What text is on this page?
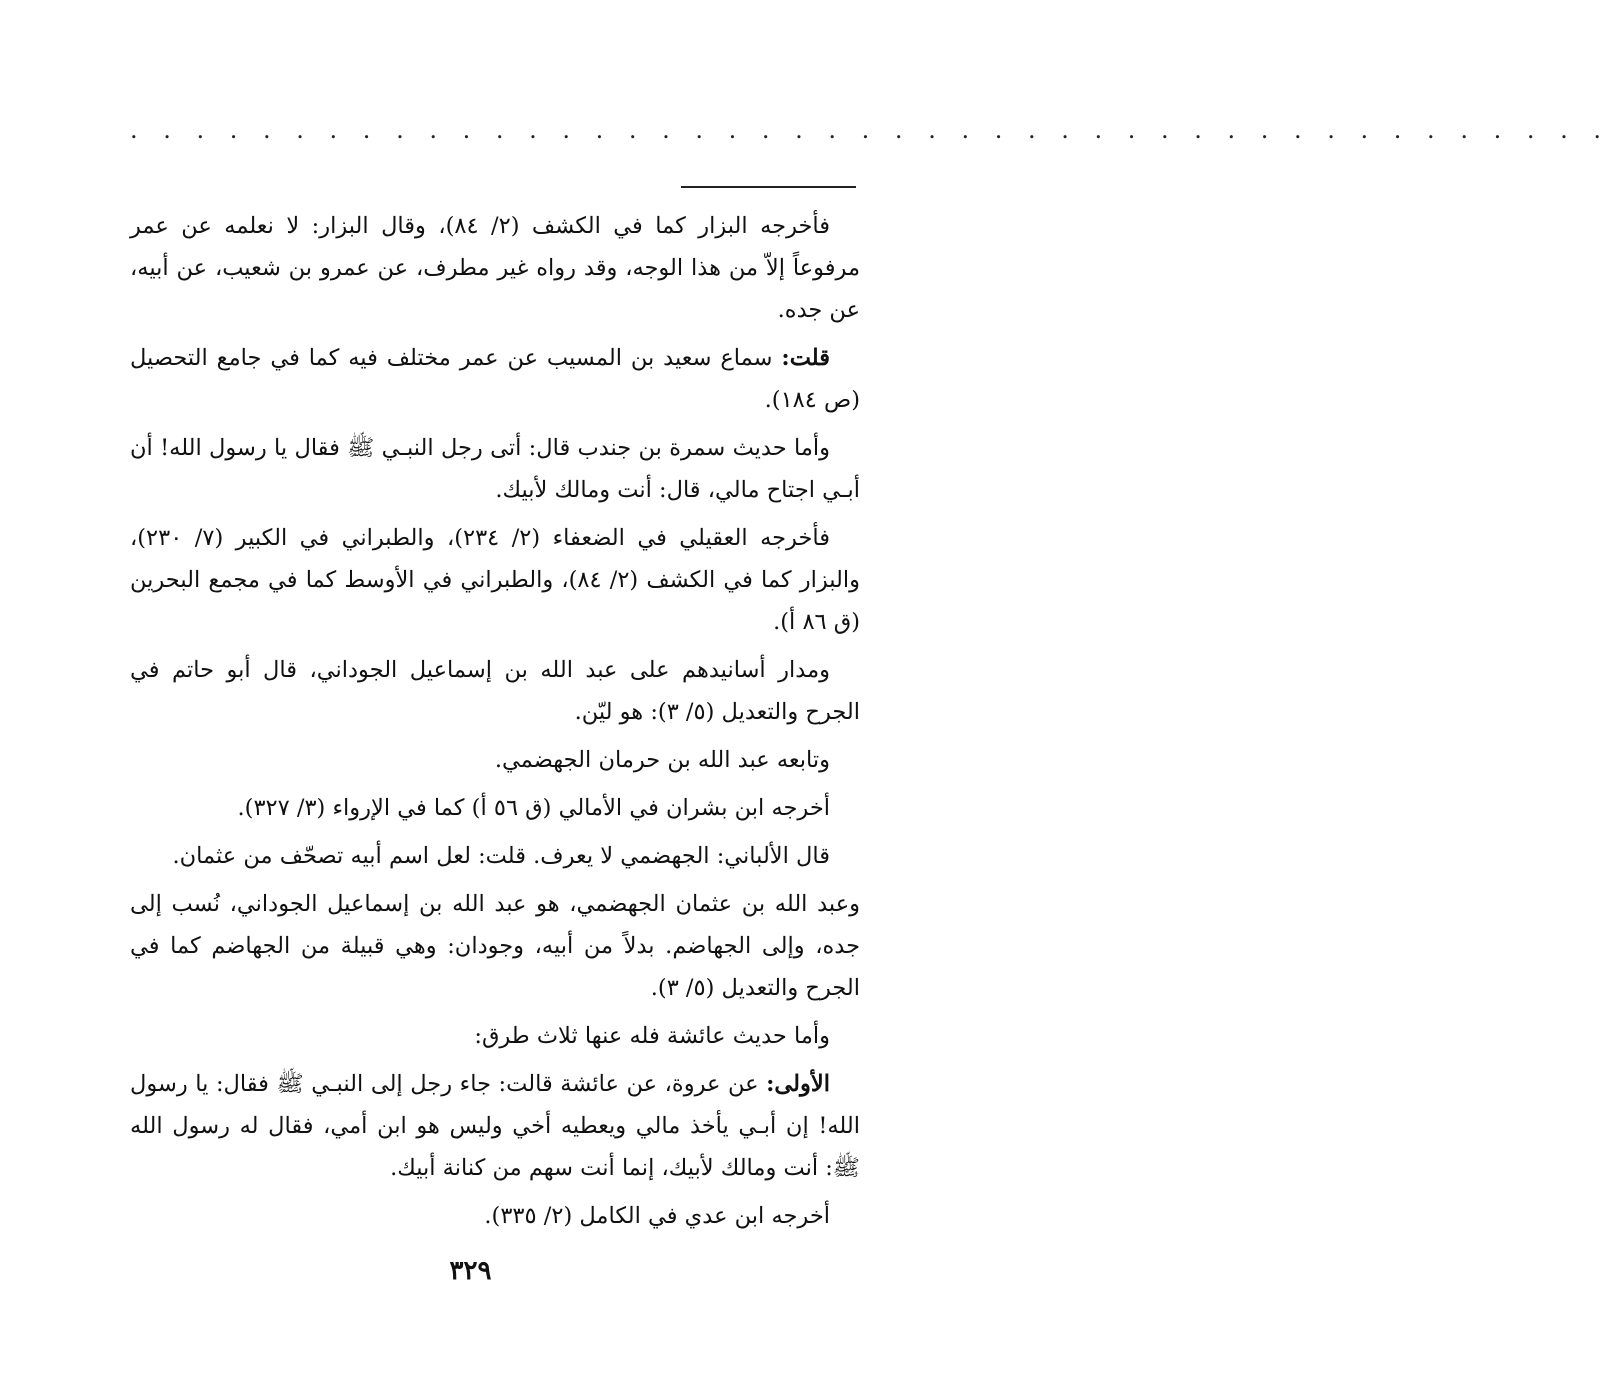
. . . . . . . . . . . . . . . . . . . . . . . . . . . . . . . . . . . . . . . . . . . . .

فأخرجه البزار كما في الكشف (٢/ ٨٤)، وقال البزار: لا نعلمه عن عمر مرفوعاً إلاّ من هذا الوجه، وقد رواه غير مطرف، عن عمرو بن شعيب، عن أبيه، عن جده.

قلت: سماع سعيد بن المسيب عن عمر مختلف فيه كما في جامع التحصيل (ص ١٨٤).

وأما حديث سمرة بن جندب قال: أتى رجل النبـي ﷺ فقال يا رسول الله! أن أبـي اجتاح مالي، قال: أنت ومالك لأبيك.

فأخرجه العقيلي في الضعفاء (٢/ ٢٣٤)، والطبراني في الكبير (٧/ ٢٣٠)، والبزار كما في الكشف (٢/ ٨٤)، والطبراني في الأوسط كما في مجمع البحرين (ق ٨٦ أ).

ومدار أسانيدهم على عبد الله بن إسماعيل الجوداني، قال أبو حاتم في الجرح والتعديل (٥/ ٣): هو ليّن.

وتابعه عبد الله بن حرمان الجهضمي.

أخرجه ابن بشران في الأمالي (ق ٥٦ أ) كما في الإرواء (٣/ ٣٢٧).

قال الألباني: الجهضمي لا يعرف. قلت: لعل اسم أبيه تصحّف من عثمان.

وعبد الله بن عثمان الجهضمي، هو عبد الله بن إسماعيل الجوداني، نُسب إلى جده، وإلى الجهاضم. بدلاً من أبيه، وجودان: وهي قبيلة من الجهاضم كما في الجرح والتعديل (٥/ ٣).

وأما حديث عائشة فله عنها ثلاث طرق:

الأولى: عن عروة، عن عائشة قالت: جاء رجل إلى النبـي ﷺ فقال: يا رسول الله! إن أبـي يأخذ مالي ويعطيه أخي وليس هو ابن أمي، فقال له رسول الله ﷺ: أنت ومالك لأبيك، إنما أنت سهم من كنانة أبيك.

أخرجه ابن عدي في الكامل (٢/ ٣٣٥).

٣٢٩
